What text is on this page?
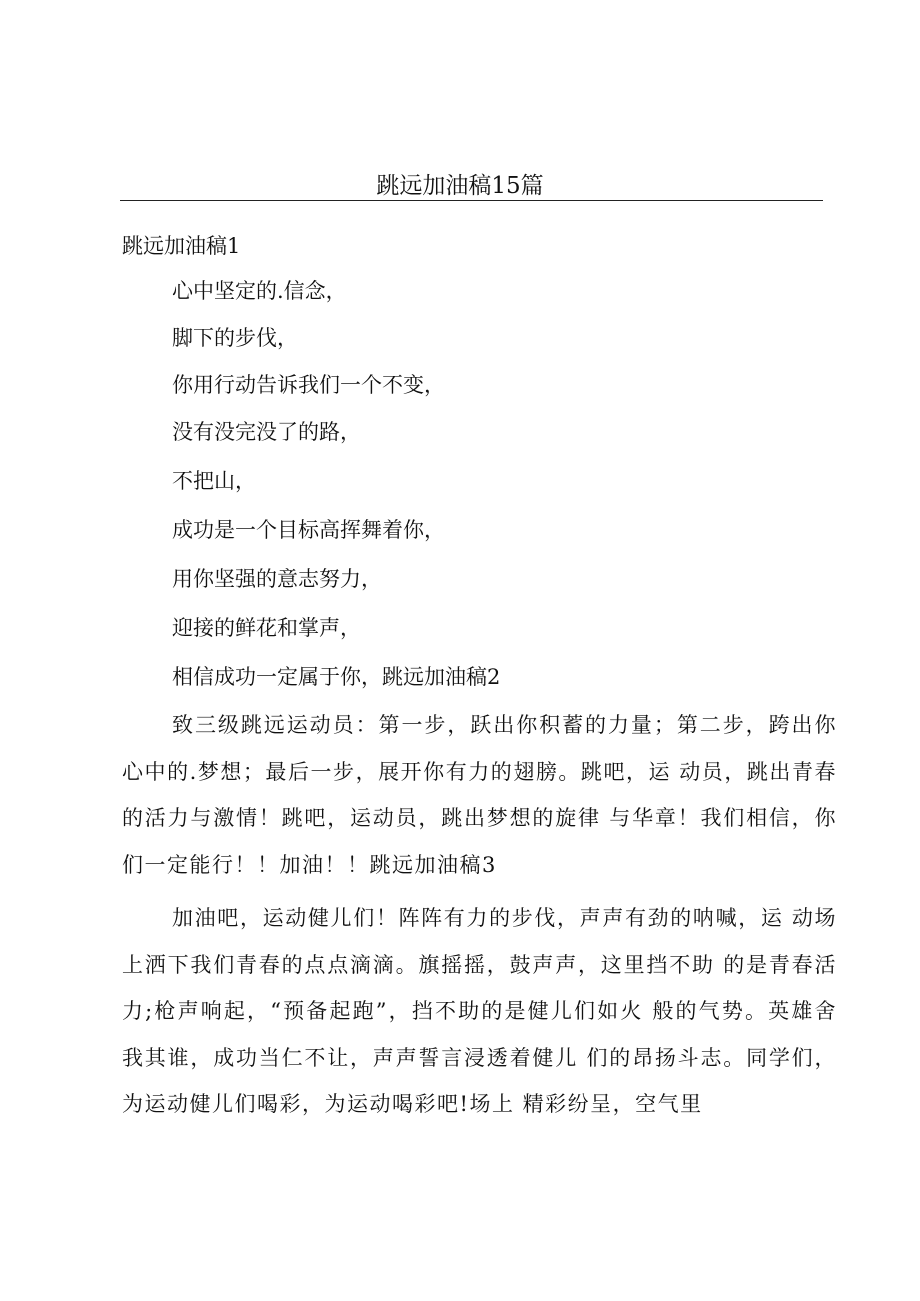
跳远加油稿15篇
跳远加油稿1
心中坚定的.信念，
脚下的步伐，
你用行动告诉我们一个不变，
没有没完没了的路，
不把山，
成功是一个目标高挥舞着你，
用你坚强的意志努力，
迎接的鲜花和掌声，
相信成功一定属于你，跳远加油稿2
致三级跳远运动员：第一步，跃出你积蓄的力量；第二步，跨出你心中的.梦想；最后一步，展开你有力的翅膀。跳吧，运 动员，跳出青春的活力与激情！跳吧，运动员，跳出梦想的旋律 与华章！我们相信，你们一定能行！！加油！！跳远加油稿3
加油吧，运动健儿们！阵阵有力的步伐，声声有劲的呐喊，运 动场上洒下我们青春的点点滴滴。旗摇摇，鼓声声，这里挡不助 的是青春活力;枪声响起，“预备起跑”，挡不助的是健儿们如火 般的气势。英雄舍我其谁，成功当仁不让，声声誓言浸透着健儿 们的昂扬斗志。同学们，为运动健儿们喝彩，为运动喝彩吧!场上 精彩纷呈，空气里
